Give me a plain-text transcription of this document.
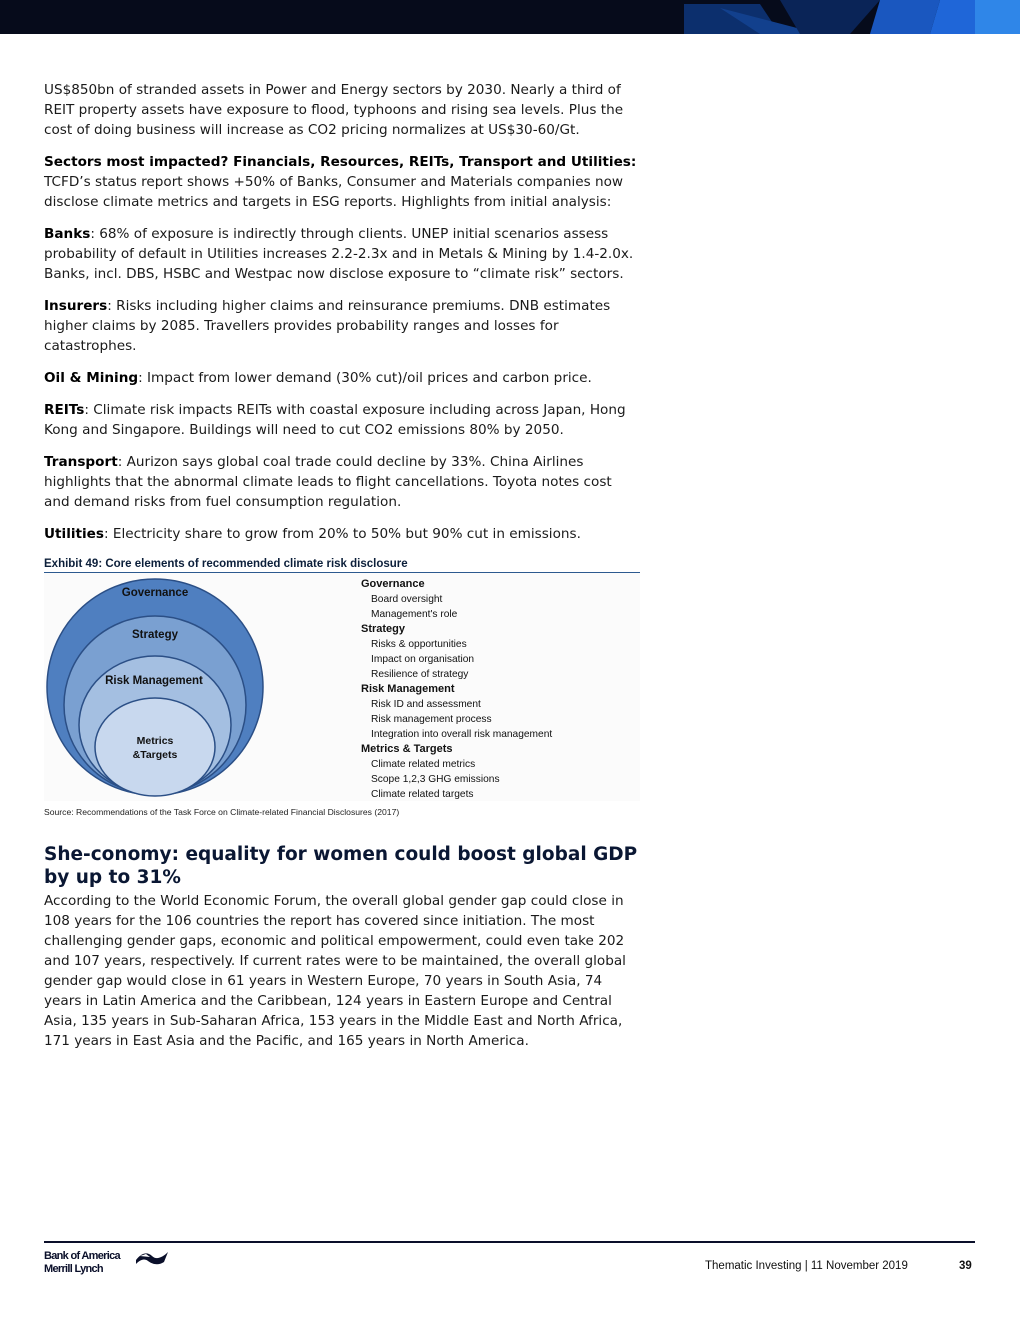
US$850bn of stranded assets in Power and Energy sectors by 2030. Nearly a third of REIT property assets have exposure to flood, typhoons and rising sea levels. Plus the cost of doing business will increase as CO2 pricing normalizes at US$30-60/Gt.

Sectors most impacted? Financials, Resources, REITs, Transport and Utilities: TCFD’s status report shows +50% of Banks, Consumer and Materials companies now disclose climate metrics and targets in ESG reports. Highlights from initial analysis:

Banks: 68% of exposure is indirectly through clients. UNEP initial scenarios assess probability of default in Utilities increases 2.2-2.3x and in Metals & Mining by 1.4-2.0x. Banks, incl. DBS, HSBC and Westpac now disclose exposure to “climate risk” sectors.

Insurers: Risks including higher claims and reinsurance premiums. DNB estimates higher claims by 2085. Travellers provides probability ranges and losses for catastrophes.

Oil & Mining: Impact from lower demand (30% cut)/oil prices and carbon price.

REITs: Climate risk impacts REITs with coastal exposure including across Japan, Hong Kong and Singapore. Buildings will need to cut CO2 emissions 80% by 2050.

Transport: Aurizon says global coal trade could decline by 33%. China Airlines highlights that the abnormal climate leads to flight cancellations. Toyota notes cost and demand risks from fuel consumption regulation.

Utilities: Electricity share to grow from 20% to 50% but 90% cut in emissions.

Exhibit 49: Core elements of recommended climate risk disclosure
Governance
Strategy
Risk Management
Metrics
&Targets
Governance
Board oversight
Management's role
Strategy
Risks & opportunities
Impact on organisation
Resilience of strategy
Risk Management
Risk ID and assessment
Risk management process
Integration into overall risk management
Metrics & Targets
Climate related metrics
Scope 1,2,3 GHG emissions
Climate related targets
Source: Recommendations of the Task Force on Climate-related Financial Disclosures (2017)
She-conomy: equality for women could boost global GDP by up to 31%

According to the World Economic Forum, the overall global gender gap could close in 108 years for the 106 countries the report has covered since initiation. The most challenging gender gaps, economic and political empowerment, could even take 202 and 107 years, respectively. If current rates were to be maintained, the overall global gender gap would close in 61 years in Western Europe, 70 years in South Asia, 74 years in Latin America and the Caribbean, 124 years in Eastern Europe and Central Asia, 135 years in Sub-Saharan Africa, 153 years in the Middle East and North Africa, 171 years in East Asia and the Pacific, and 165 years in North America.

Bank of America
Merrill Lynch	Thematic Investing | 11 November 2019	39
